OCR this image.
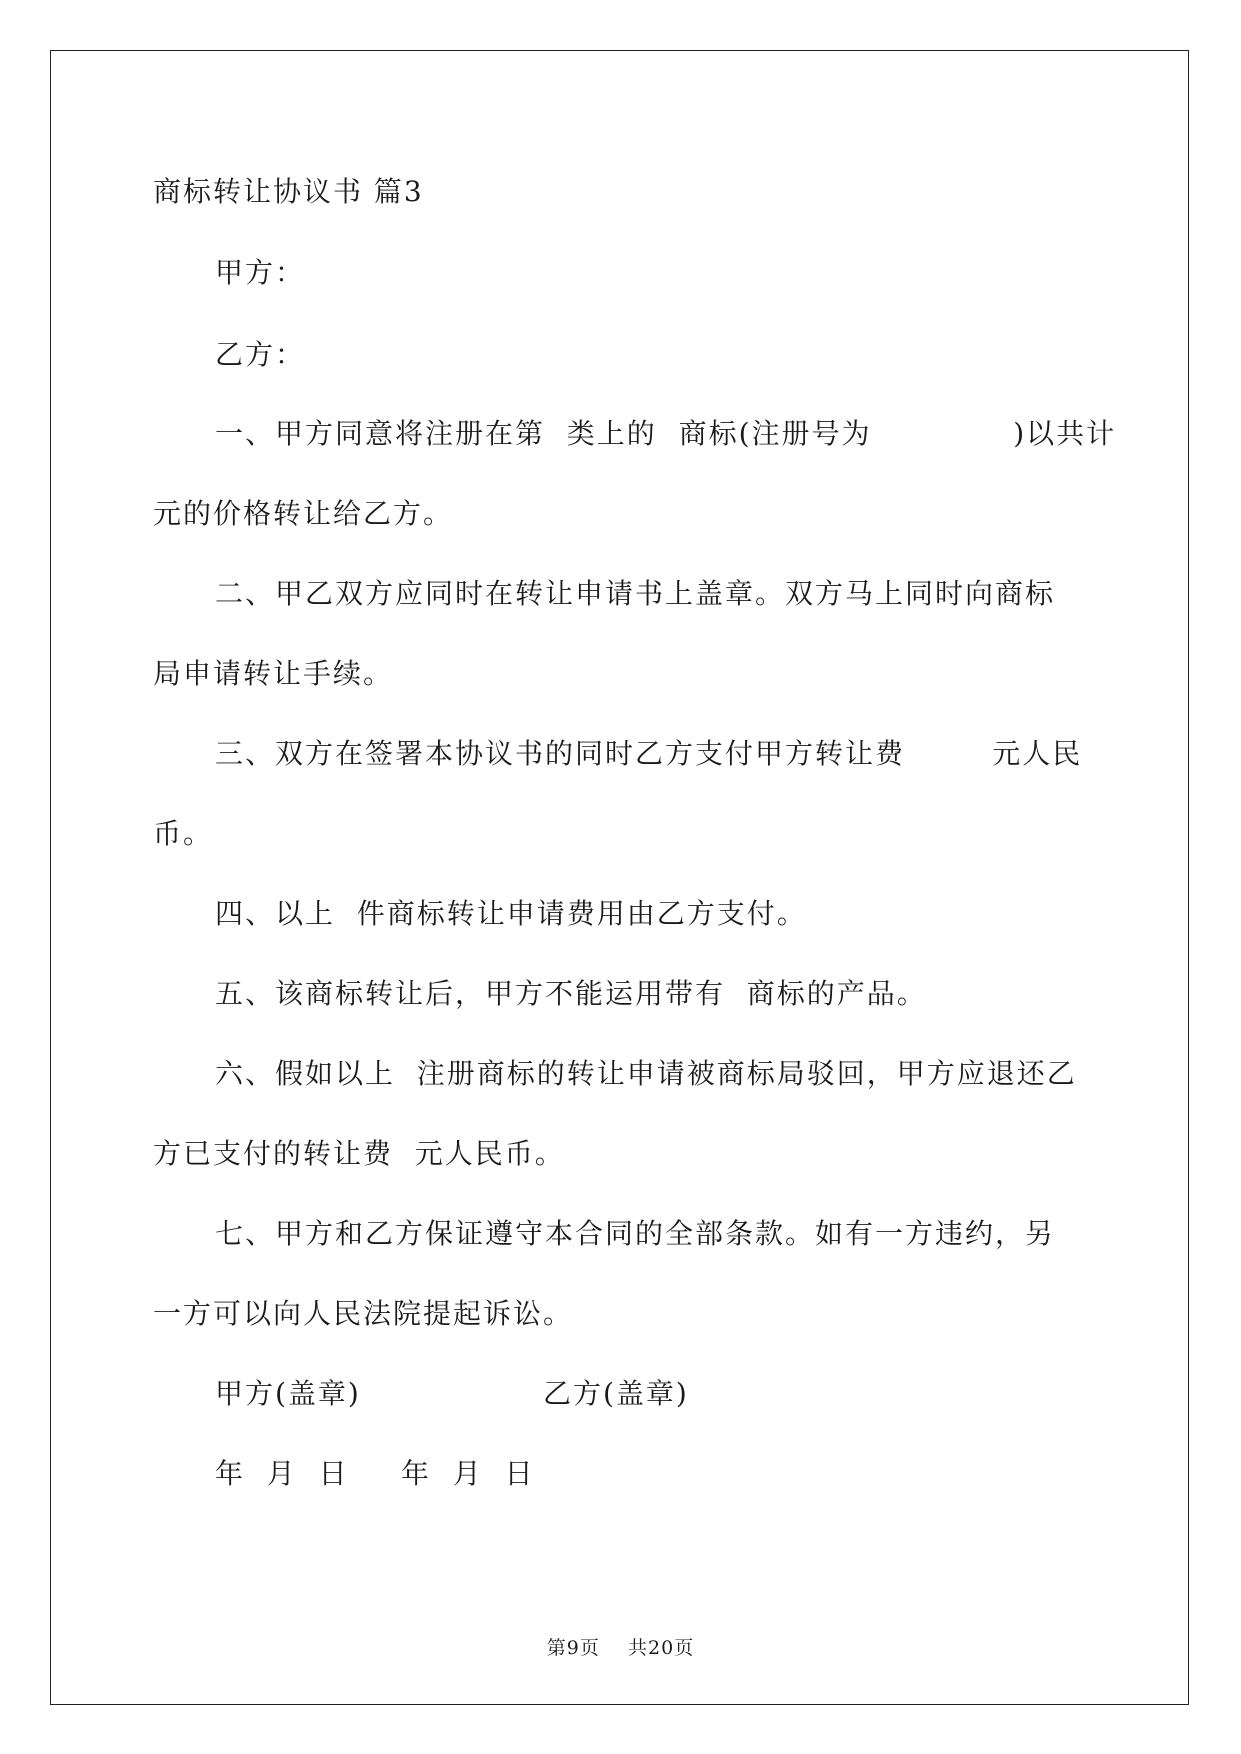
商标转让协议书 篇3
甲方：
乙方：
一、甲方同意将注册在第  类上的  商标(注册号为             )以共计
元的价格转让给乙方。
二、甲乙双方应同时在转让申请书上盖章。双方马上同时向商标
局申请转让手续。
三、双方在签署本协议书的同时乙方支付甲方转让费        元人民
币。
四、以上  件商标转让申请费用由乙方支付。
五、该商标转让后，甲方不能运用带有  商标的产品。
六、假如以上  注册商标的转让申请被商标局驳回，甲方应退还乙
方已支付的转让费  元人民币。
七、甲方和乙方保证遵守本合同的全部条款。如有一方违约，另
一方可以向人民法院提起诉讼。
甲方(盖章)	乙方(盖章)
年  月  日 年  月  日
第9页    共20页
